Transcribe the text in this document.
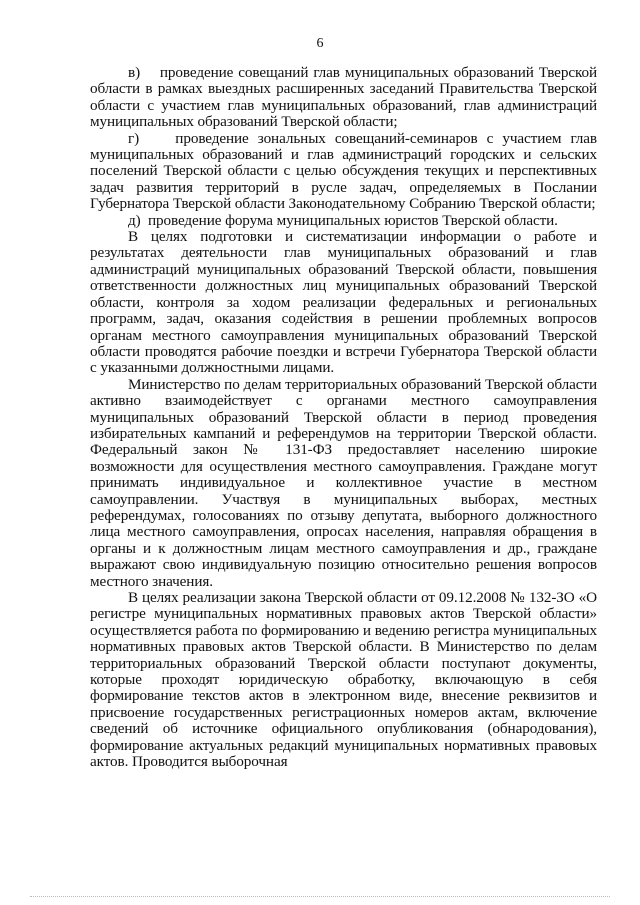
6

в)    проведение совещаний глав муниципальных образований Тверской области в рамках выездных расширенных заседаний Правительства Тверской области с участием глав муниципальных образований, глав администраций муниципальных образований Тверской области;

г)    проведение зональных совещаний-семинаров с участием глав муниципальных образований и глав администраций городских и сельских поселений Тверской области с целью обсуждения текущих и перспективных задач развития территорий в русле задач, определяемых в Послании Губернатора Тверской области Законодательному Собранию Тверской области;

д)  проведение форума муниципальных юристов Тверской области.

В целях подготовки и систематизации информации о работе и результатах деятельности глав муниципальных образований и глав администраций муниципальных образований Тверской области, повышения ответственности должностных лиц муниципальных образований Тверской области, контроля за ходом реализации федеральных и региональных программ, задач, оказания содействия в решении проблемных вопросов органам местного самоуправления муниципальных образований Тверской области проводятся рабочие поездки и встречи Губернатора Тверской области с указанными должностными лицами.

Министерство по делам территориальных образований Тверской области активно взаимодействует с органами местного самоуправления муниципальных образований Тверской области в период проведения избирательных кампаний и референдумов на территории Тверской области. Федеральный закон № 131-ФЗ предоставляет населению широкие возможности для осуществления местного самоуправления. Граждане могут принимать индивидуальное и коллективное участие в местном самоуправлении. Участвуя в муниципальных выборах, местных референдумах, голосованиях по отзыву депутата, выборного должностного лица местного самоуправления, опросах населения, направляя обращения в органы и к должностным лицам местного самоуправления и др., граждане выражают свою индивидуальную позицию относительно решения вопросов местного значения.

В целях реализации закона Тверской области от 09.12.2008 № 132-ЗО «О регистре муниципальных нормативных правовых актов Тверской области» осуществляется работа по формированию и ведению регистра муниципальных нормативных правовых актов Тверской области. В Министерство по делам территориальных образований Тверской области поступают документы, которые проходят юридическую обработку, включающую в себя формирование текстов актов в электронном виде, внесение реквизитов и присвоение государственных регистрационных номеров актам, включение сведений об источнике официального опубликования (обнародования), формирование актуальных редакций муниципальных нормативных правовых актов. Проводится выборочная
